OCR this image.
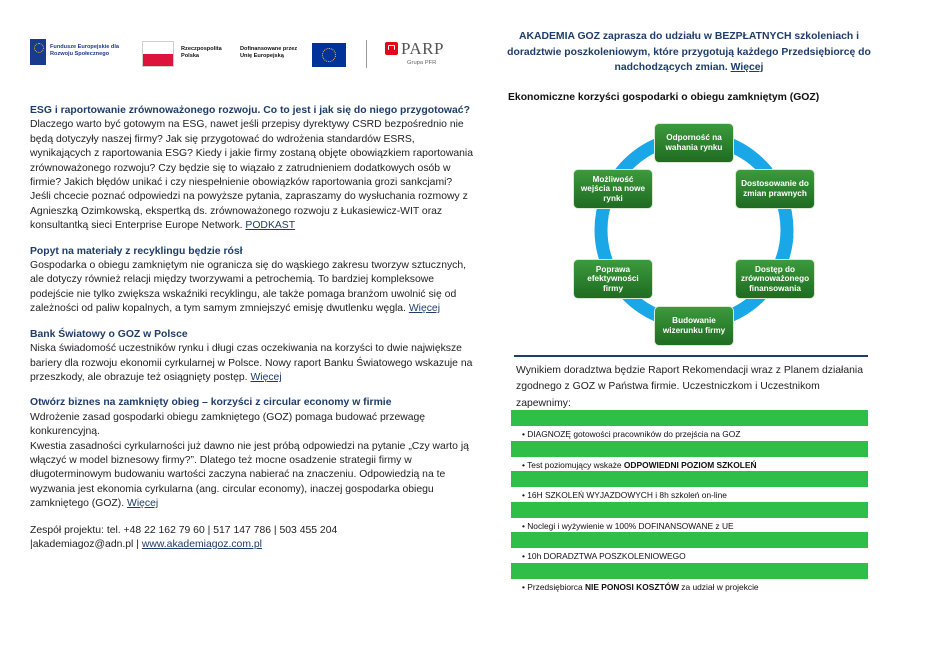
Fundusze Europejskie dla Rozwoju Społecznego
Rzeczpospolita Polska
Dofinansowane przez Unię Europejską	PARP
Grupa PFR
ESG i raportowanie zrównoważonego rozwoju. Co to jest i jak się do niego przygotować?

Dlaczego warto być gotowym na ESG, nawet jeśli przepisy dyrektywy CSRD bezpośrednio nie będą dotyczyły naszej firmy? Jak się przygotować do wdrożenia standardów ESRS, wynikających z raportowania ESG? Kiedy i jakie firmy zostaną objęte obowiązkiem raportowania zrównoważonego rozwoju? Czy będzie się to wiązało z zatrudnieniem dodatkowych osób w firmie? Jakich błędów unikać i czy niespełnienie obowiązków raportowania grozi sankcjami?
Jeśli chcecie poznać odpowiedzi na powyższe pytania, zapraszamy do wysłuchania rozmowy z Agnieszką Ozimkowską, ekspertką ds. zrównoważonego rozwoju z Łukasiewicz-WIT oraz konsultantką sieci Enterprise Europe Network. PODKAST

Popyt na materiały z recyklingu będzie rósł

Gospodarka o obiegu zamkniętym nie ogranicza się do wąskiego zakresu tworzyw sztucznych, ale dotyczy również relacji między tworzywami a petrochemią. To bardziej kompleksowe podejście nie tylko zwiększa wskaźniki recyklingu, ale także pomaga branżom uwolnić się od zależności od paliw kopalnych, a tym samym zmniejszyć emisję dwutlenku węgla. Więcej

Bank Światowy o GOZ w Polsce

Niska świadomość uczestników rynku i długi czas oczekiwania na korzyści to dwie największe bariery dla rozwoju ekonomii cyrkularnej w Polsce. Nowy raport Banku Światowego wskazuje na przeszkody, ale obrazuje też osiągnięty postęp. Więcej

Otwórz biznes na zamknięty obieg – korzyści z circular economy w firmie

Wdrożenie zasad gospodarki obiegu zamkniętego (GOZ) pomaga budować przewagę konkurencyjną.
Kwestia zasadności cyrkularności już dawno nie jest próbą odpowiedzi na pytanie „Czy warto ją włączyć w model biznesowy firmy?”. Dlatego też mocne osadzenie strategii firmy w długoterminowym budowaniu wartości zaczyna nabierać na znaczeniu. Odpowiedzią na te wyzwania jest ekonomia cyrkularna (ang. circular economy), inaczej gospodarka obiegu zamkniętego (GOZ). Więcej

Zespół projektu: tel. +48 22 162 79 60 | 517 147 786 | 503 455 204
|akademiagoz@adn.pl | www.akademiagoz.com.pl
AKADEMIA GOZ zaprasza do udziału w BEZPŁATNYCH szkoleniach i doradztwie poszkoleniowym, które przygotują każdego Przedsiębiorcę do nadchodzących zmian. Więcej
Ekonomiczne korzyści gospodarki o obiegu zamkniętym (GOZ)
Odporność na wahania rynku
Dostosowanie do zmian prawnych
Dostęp do zrównoważonego finansowania
Budowanie wizerunku firmy
Poprawa efektywności firmy
Możliwość wejścia na nowe rynki
Wynikiem doradztwa będzie Raport Rekomendacji wraz z Planem działania zgodnego z GOZ w Państwa firmie. Uczestniczkom i Uczestnikom zapewnimy:
• DIAGNOZĘ gotowości pracowników do przejścia na GOZ
• Test poziomujący wskaże ODPOWIEDNI POZIOM SZKOLEŃ
• 16H SZKOLEŃ WYJAZDOWYCH i 8h szkoleń on-line
• Noclegi i wyżywienie w 100% DOFINANSOWANE z UE
• 10h DORADZTWA POSZKOLENIOWEGO
• Przedsiębiorca NIE PONOSI KOSZTÓW za udział w projekcie
